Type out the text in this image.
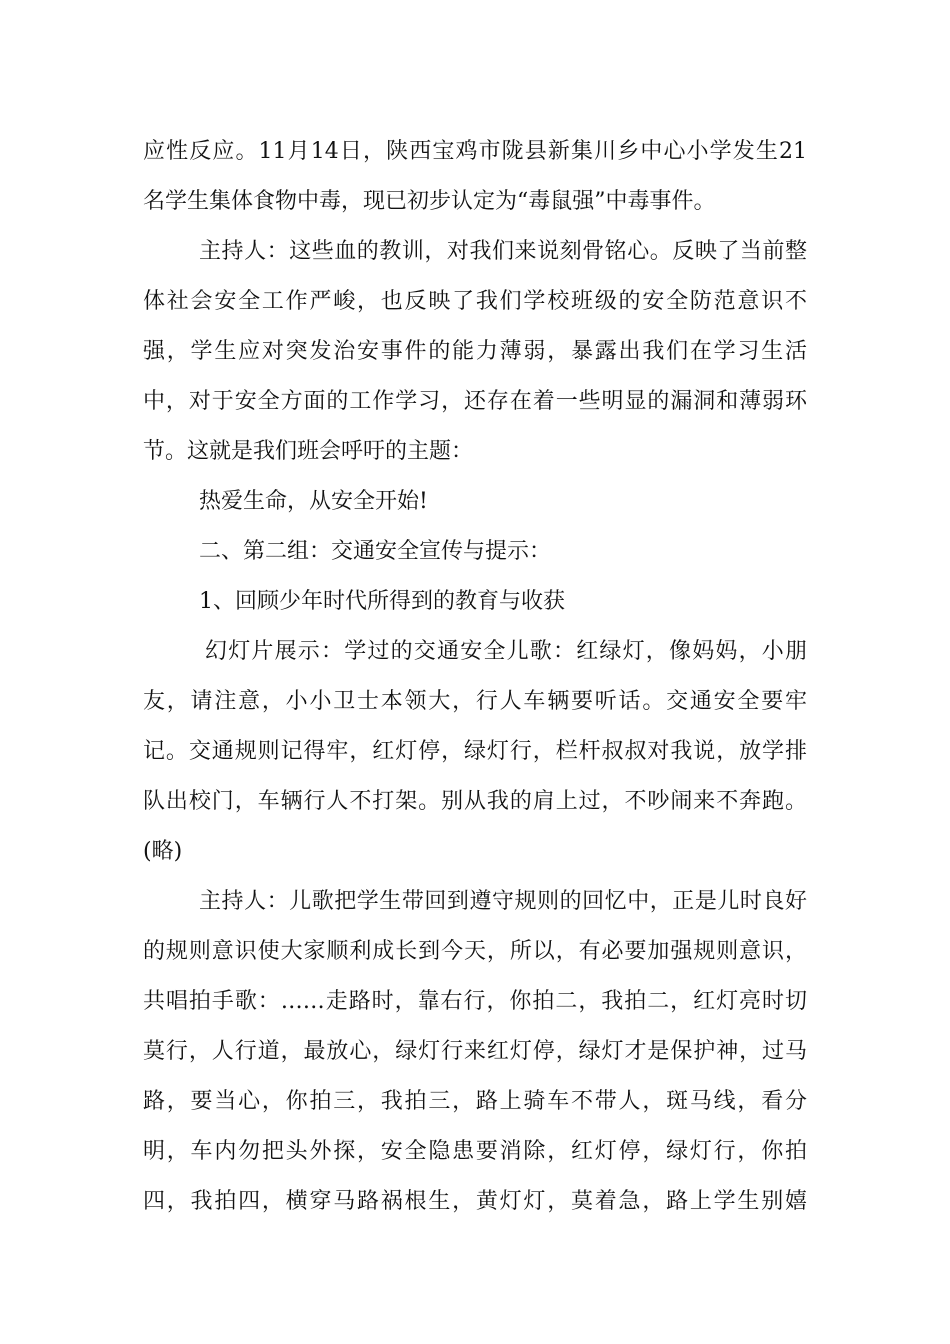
应性反应。11月14日，陕西宝鸡市陇县新集川乡中心小学发生21
名学生集体食物中毒，现已初步认定为“毒鼠强”中毒事件。
主持人：这些血的教训，对我们来说刻骨铭心。反映了当前整
体社会安全工作严峻，也反映了我们学校班级的安全防范意识不
强，学生应对突发治安事件的能力薄弱，暴露出我们在学习生活
中，对于安全方面的工作学习，还存在着一些明显的漏洞和薄弱环
节。这就是我们班会呼吁的主题：
热爱生命，从安全开始!
二、第二组：交通安全宣传与提示：
1、回顾少年时代所得到的教育与收获
幻灯片展示：学过的交通安全儿歌：红绿灯，像妈妈，小朋
友，请注意，小小卫士本领大，行人车辆要听话。交通安全要牢
记。交通规则记得牢，红灯停，绿灯行，栏杆叔叔对我说，放学排
队出校门，车辆行人不打架。别从我的肩上过，不吵闹来不奔跑。
(略)
主持人：儿歌把学生带回到遵守规则的回忆中，正是儿时良好
的规则意识使大家顺利成长到今天，所以，有必要加强规则意识，
共唱拍手歌：……走路时，靠右行，你拍二，我拍二，红灯亮时切
莫行，人行道，最放心，绿灯行来红灯停，绿灯才是保护神，过马
路，要当心，你拍三，我拍三，路上骑车不带人，斑马线，看分
明，车内勿把头外探，安全隐患要消除，红灯停，绿灯行，你拍
四，我拍四，横穿马路祸根生，黄灯灯，莫着急，路上学生别嬉
